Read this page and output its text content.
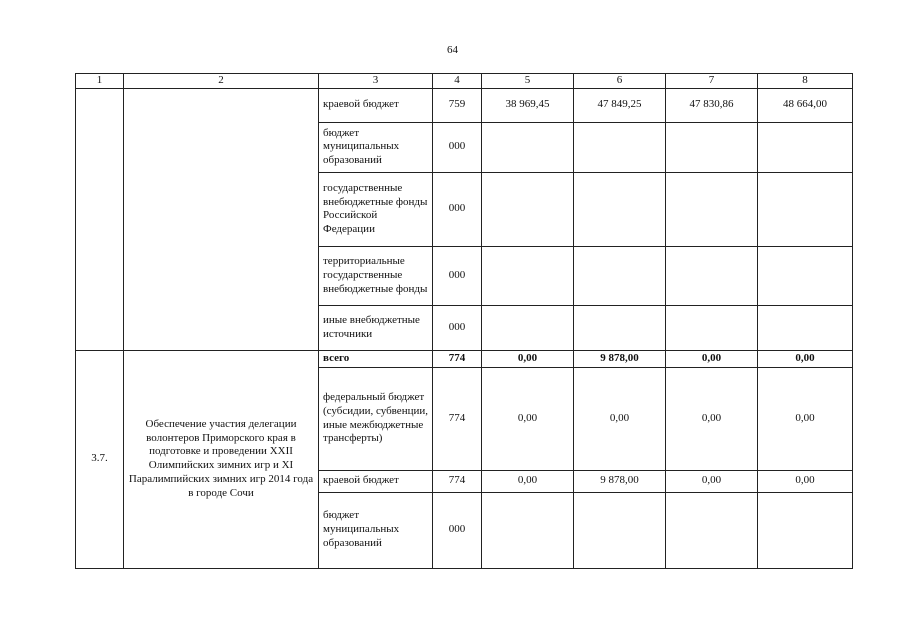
64
1	2	3	4	5	6	7	8
		краевой бюджет	759	38 969,45	47 849,25	47 830,86	48 664,00
		бюджет муниципальных образований	000				
		государственные внебюджетные фонды Российской Федерации	000				
		территориальные государственные внебюджетные фонды	000				
		иные внебюджетные источники	000				
3.7.	Обеспечение участия делегации волонтеров Приморского края в подготовке и проведении XXII Олимпийских зимних игр и XI Паралимпийских зимних игр 2014 года в городе Сочи	всего	774	0,00	9 878,00	0,00	0,00
		федеральный бюджет (субсидии, субвенции, иные межбюджетные трансферты)	774	0,00	0,00	0,00	0,00
		краевой бюджет	774	0,00	9 878,00	0,00	0,00
		бюджет муниципальных образований	000				
